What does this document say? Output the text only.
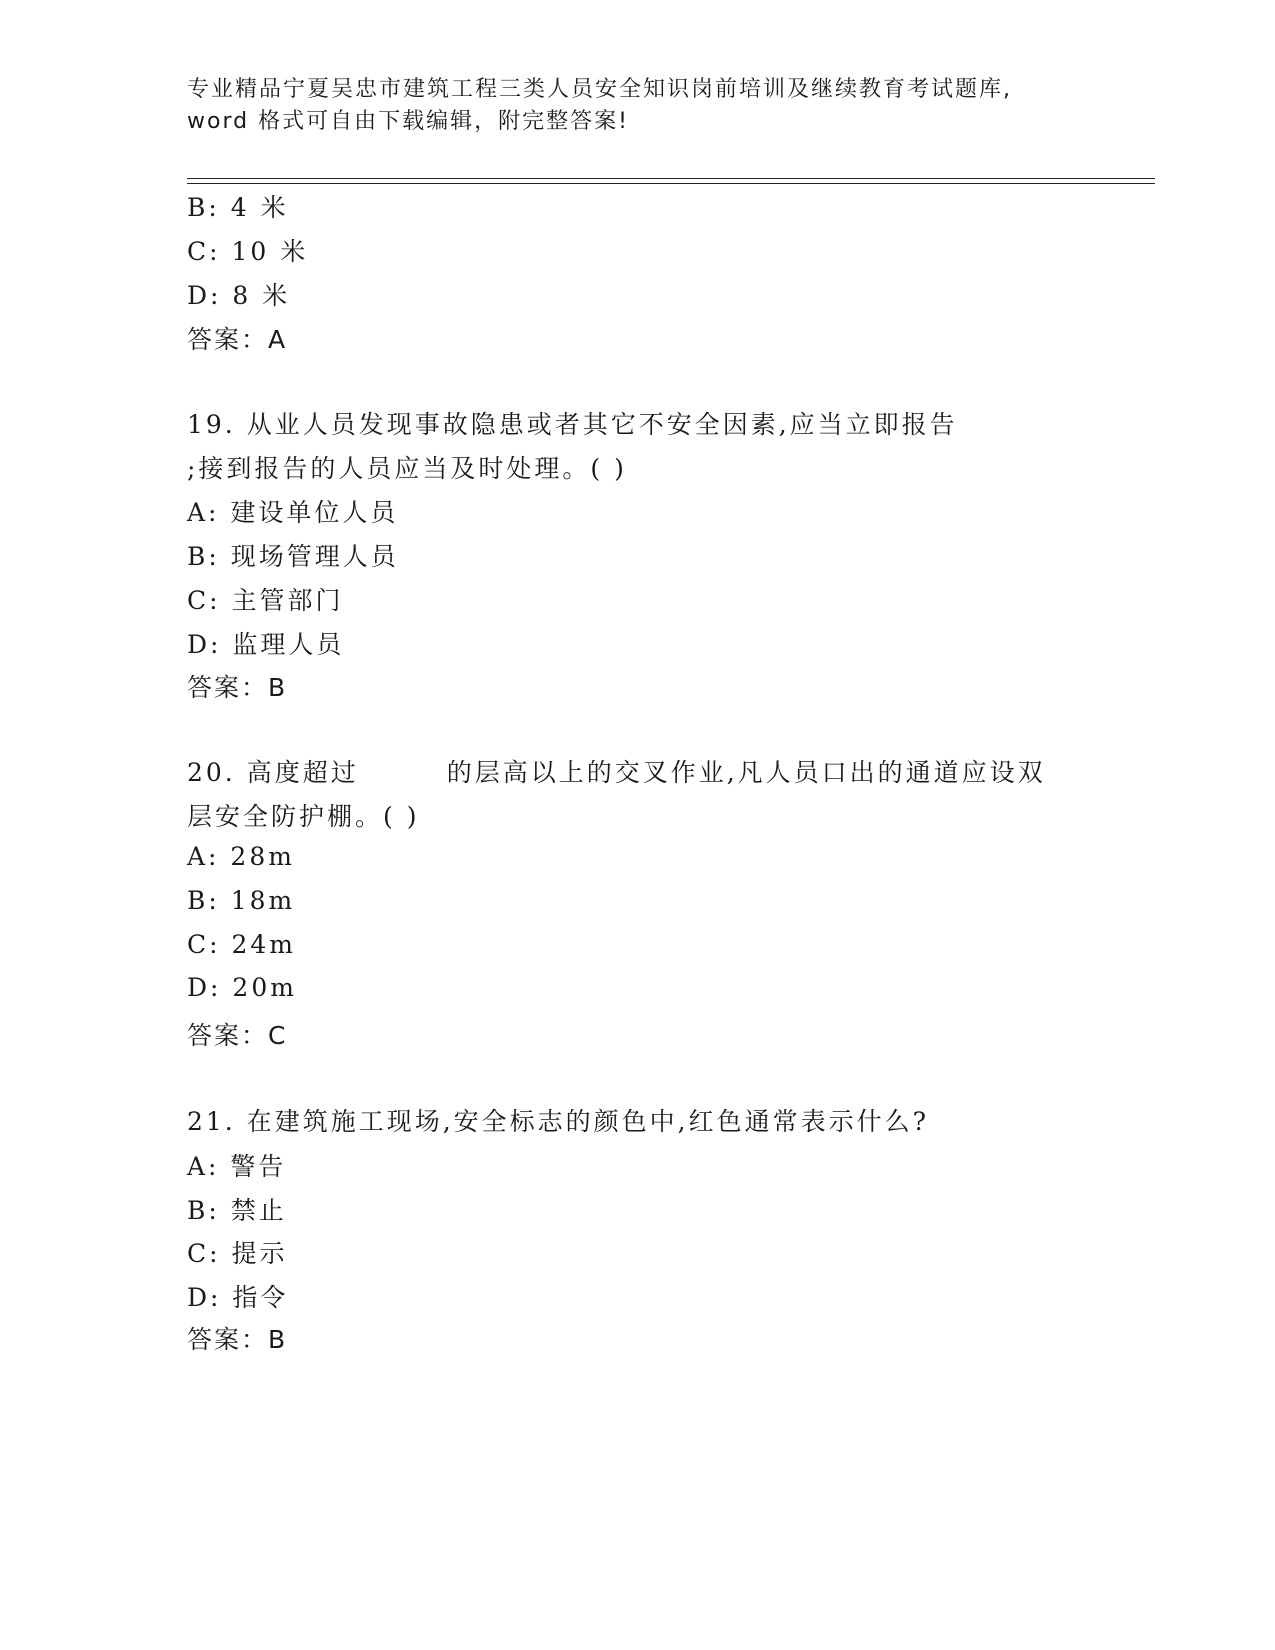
专业精品宁夏吴忠市建筑工程三类人员安全知识岗前培训及继续教育考试题库,
word 格式可自由下载编辑，附完整答案!
B: 4 米
C: 10 米
D: 8 米
答案：A
19. 从业人员发现事故隐患或者其它不安全因素,应当立即报告
;接到报告的人员应当及时处理。( )
A: 建设单位人员
B: 现场管理人员
C: 主管部门
D: 监理人员
答案：B
20. 高度超过	的层高以上的交叉作业,凡人员口出的通道应设双
层安全防护棚。( )
A: 28m
B: 18m
C: 24m
D: 20m
答案：C
21. 在建筑施工现场,安全标志的颜色中,红色通常表示什么?
A: 警告
B: 禁止
C: 提示
D: 指令
答案：B
